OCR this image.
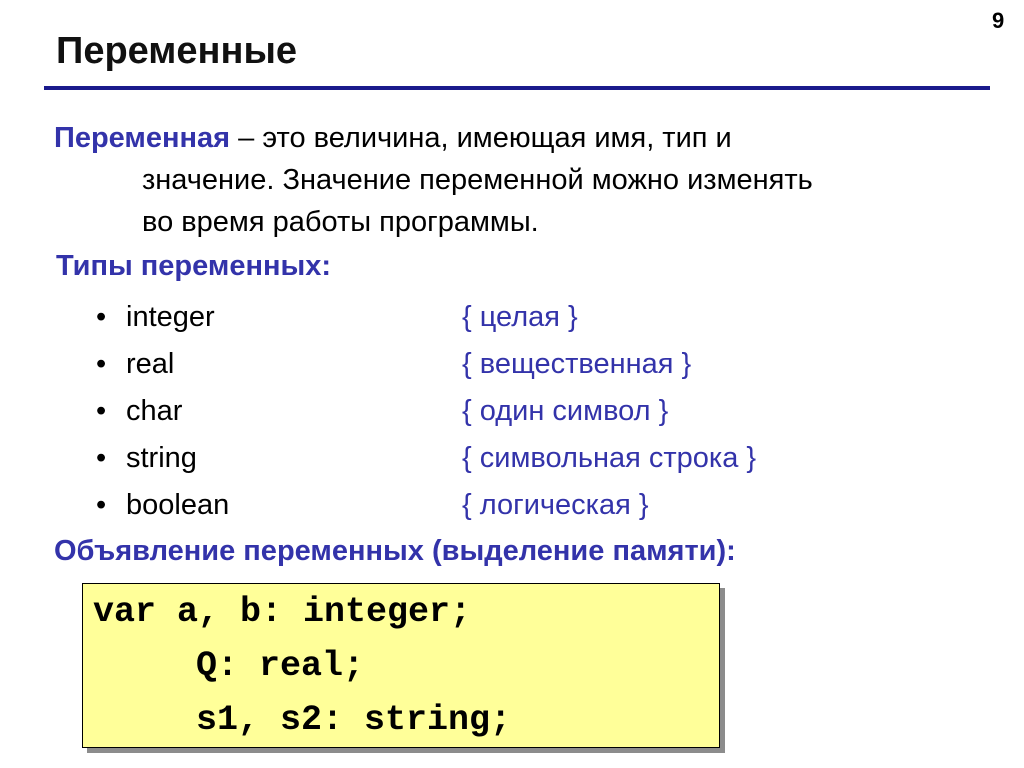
9
Переменные
Переменная – это величина, имеющая имя, тип и
значение. Значение переменной можно изменять
во время работы программы.
Типы переменных:
• integer	{ целая }
• real	{ вещественная }
• char	{ один символ }
• string	{ символьная строка }
• boolean	{ логическая }
Объявление переменных (выделение памяти):
var a, b: integer;
Q: real;
s1, s2: string;
